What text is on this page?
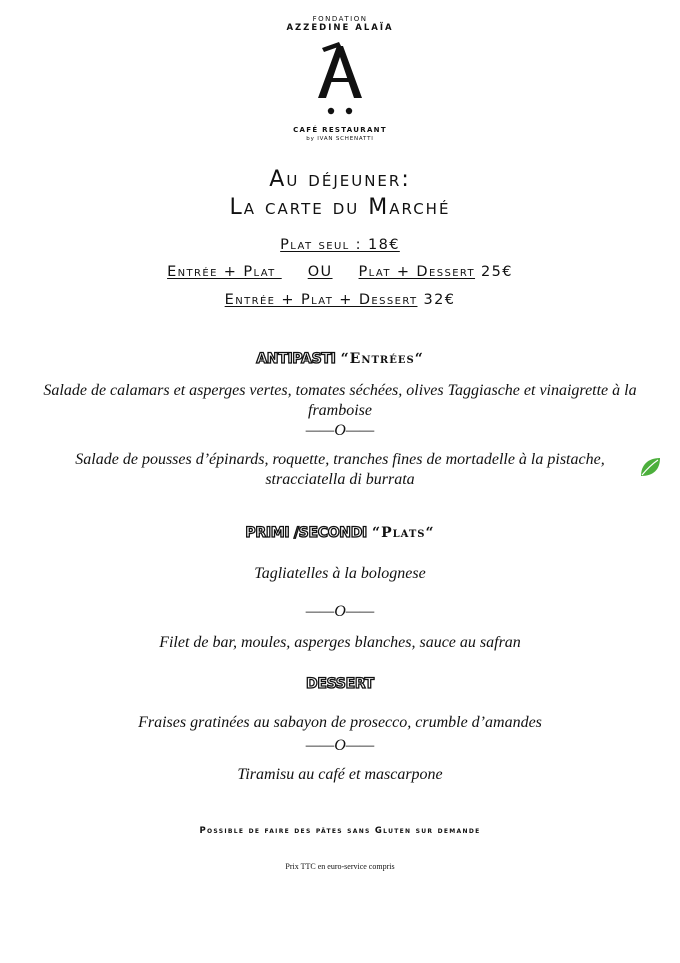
FONDATION
AZZEDINE ALAÏA
CAFÉ RESTAURANT
by IVAN SCHENATTI
Au déjeuner:
La carte du Marché
Plat seul : 18€
Entrée + Plat OU Plat + Dessert 25€
Entrée + Plat + Dessert 32€
ANTIPASTI “Entrées“
Salade de calamars et asperges vertes, tomates séchées, olives Taggiasche et vinaigrette à la
framboise
——O——
Salade de pousses d’épinards, roquette, tranches fines de mortadelle à la pistache,
stracciatella di burrata
PRIMI /SECONDI “Plats“
Tagliatelles à la bolognese
——O——
Filet de bar, moules, asperges blanches, sauce au safran
DESSERT
Fraises gratinées au sabayon de prosecco, crumble d’amandes
——O——
Tiramisu au café et mascarpone
Possible de faire des pâtes sans Gluten sur demande
Prix TTC en euro-service compris
